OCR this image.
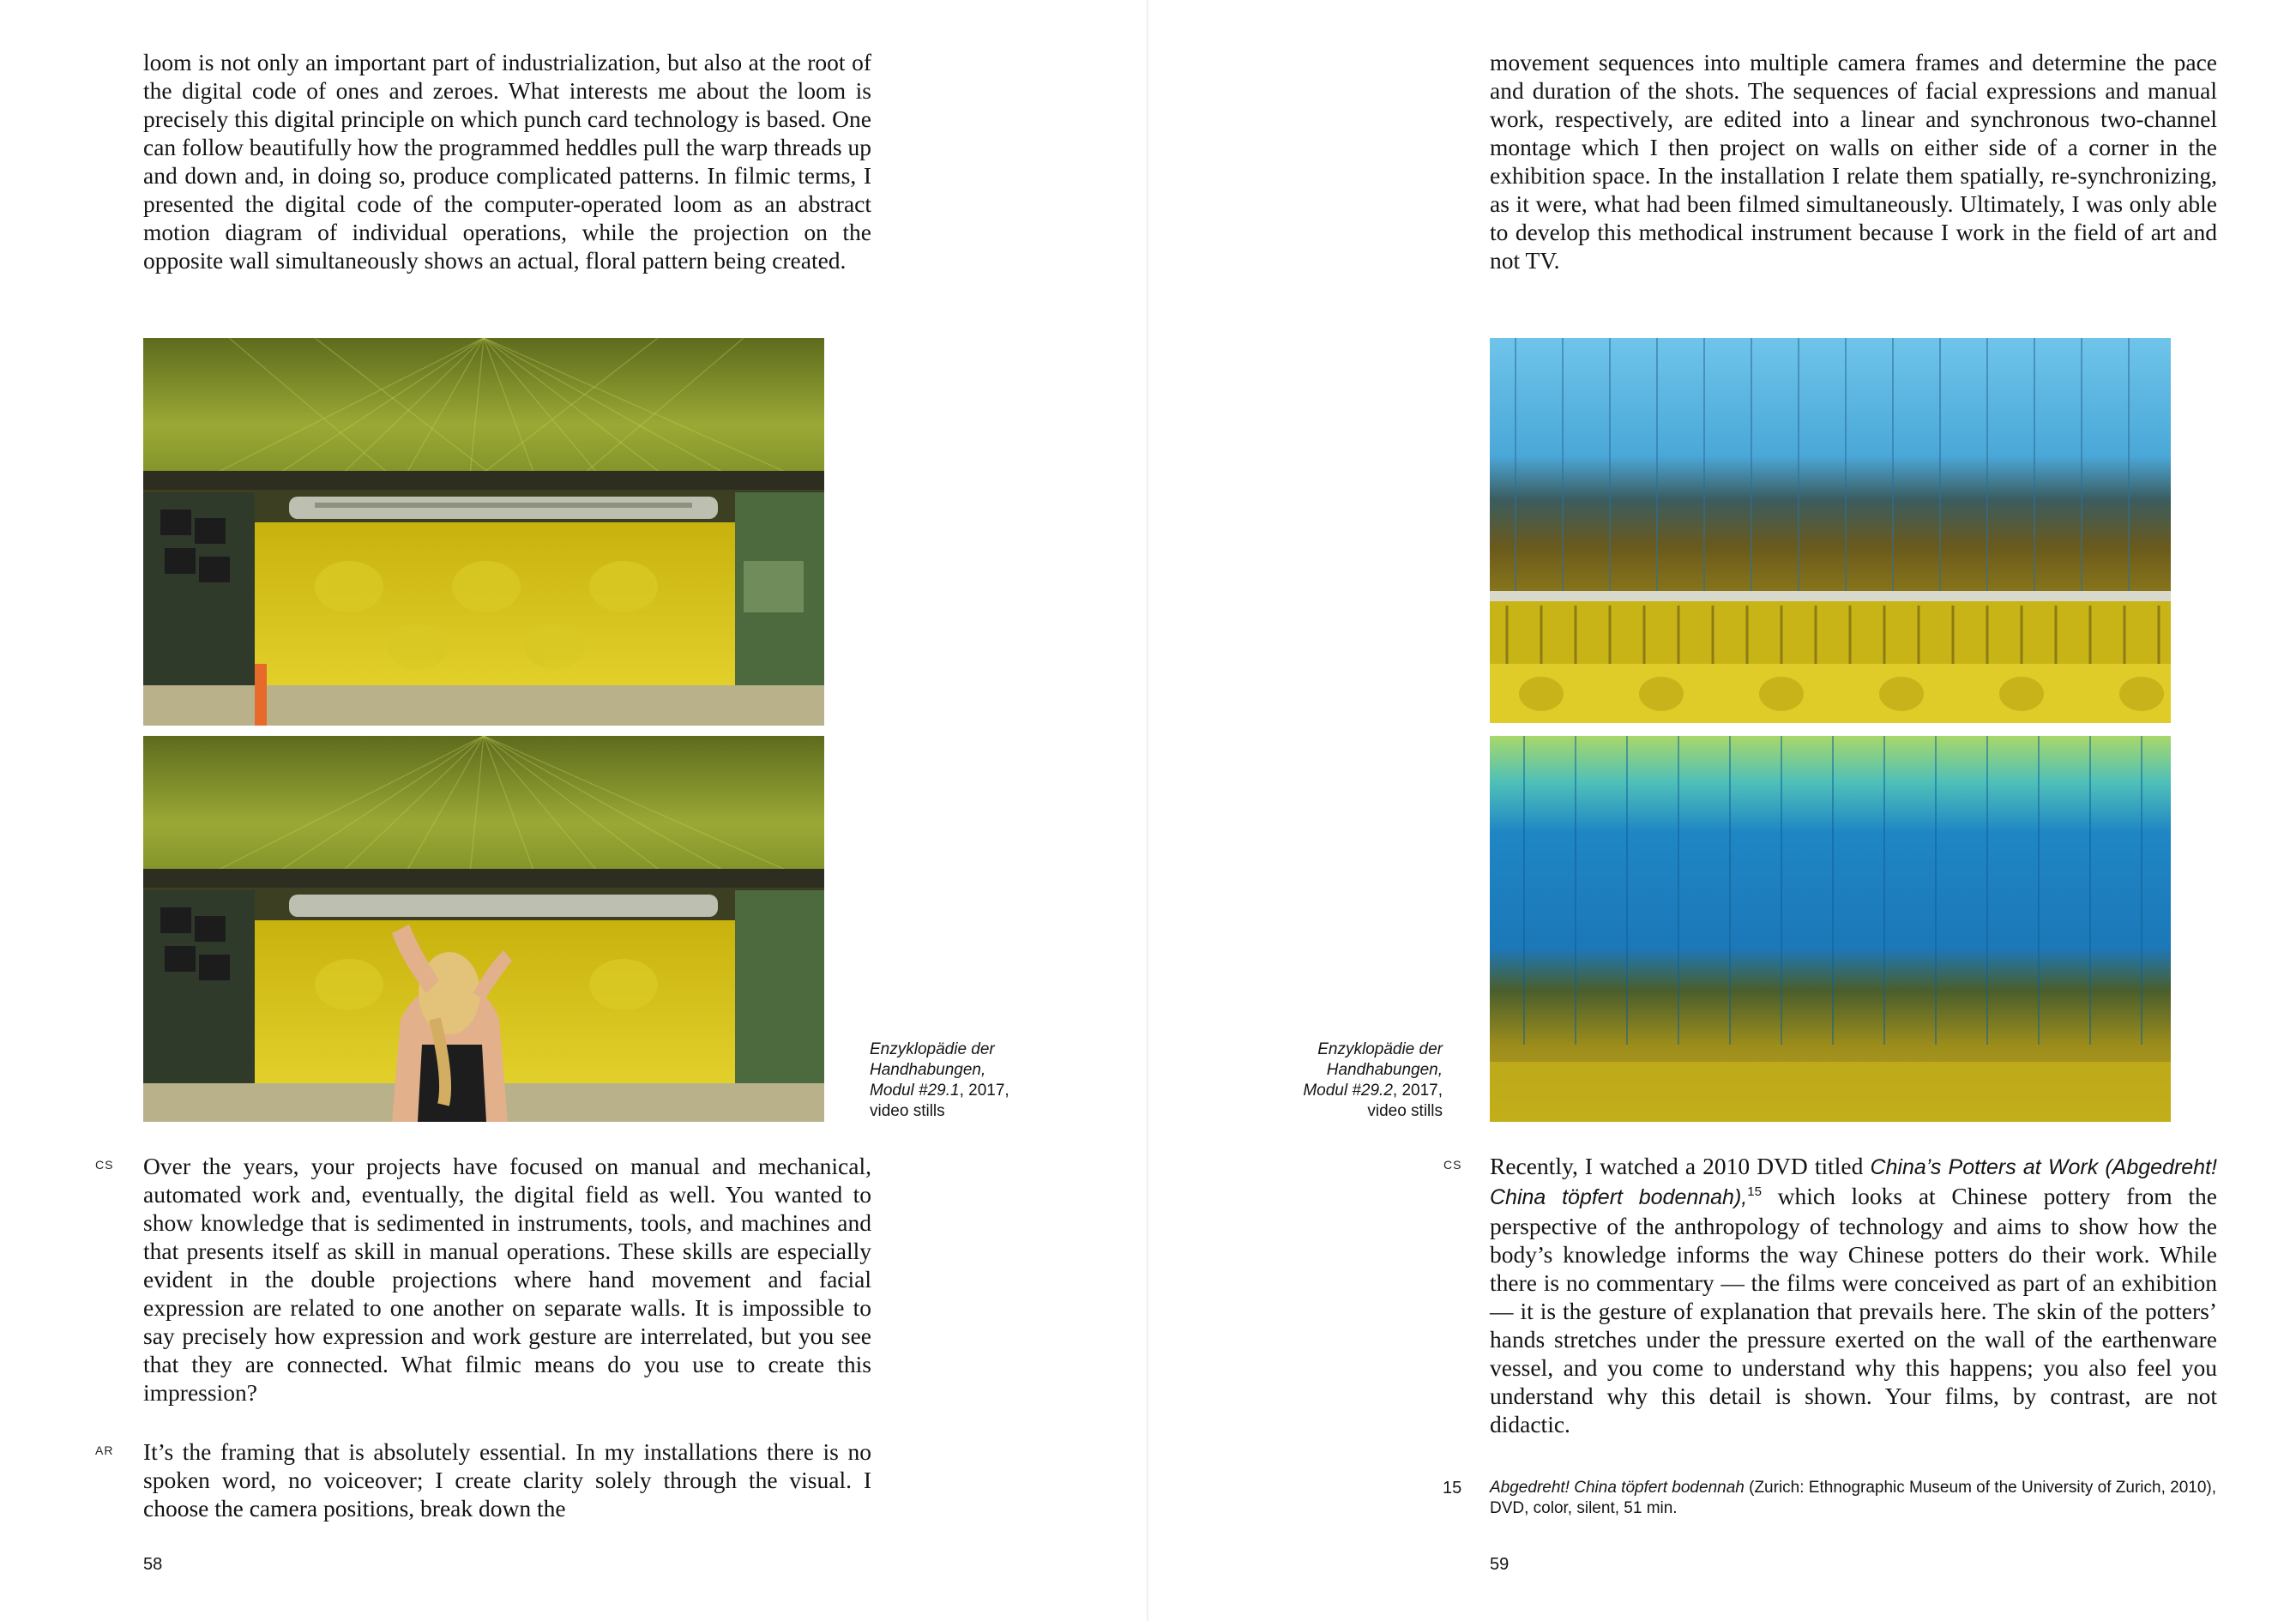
loom is not only an important part of industrialization, but also at the root of the digital code of ones and zeroes. What interests me about the loom is precisely this digital principle on which punch card technology is based. One can follow beautifully how the programmed heddles pull the warp threads up and down and, in doing so, produce complicated patterns. In filmic terms, I presented the digital code of the computer-operated loom as an abstract motion diagram of individual operations, while the projection on the opposite wall simultaneously shows an actual, floral pattern being created.

Enzyklopädie der
Handhabungen,
Modul #29.1, 2017,
video stills
CS Over the years, your projects have focused on manual and mechanical, automated work and, eventually, the digital field as well. You wanted to show knowledge that is sedimented in instruments, tools, and machines and that presents itself as skill in manual operations. These skills are especially evident in the double projections where hand movement and facial expression are related to one another on separate walls. It is impossible to say precisely how expression and work gesture are interrelated, but you see that they are connected. What filmic means do you use to create this impression?

AR It’s the framing that is absolutely essential. In my installations there is no spoken word, no voiceover; I create clarity solely through the visual. I choose the camera positions, break down the

58

movement sequences into multiple camera frames and determine the pace and duration of the shots. The sequences of facial expressions and manual work, respectively, are edited into a linear and synchronous two-channel montage which I then project on walls on either side of a corner in the exhibition space. In the installation I relate them spatially, re-synchronizing, as it were, what had been filmed simultaneously. Ultimately, I was only able to develop this methodical instrument because I work in the field of art and not TV.

Enzyklopädie der
Handhabungen,
Modul #29.2, 2017,
video stills
CS Recently, I watched a 2010 DVD titled China’s Potters at Work (Abgedreht! China töpfert bodennah),$^{15}$ which looks at Chinese pottery from the perspective of the anthropology of technology and aims to show how the body’s knowledge informs the way Chinese potters do their work. While there is no commentary — the films were conceived as part of an exhibition — it is the gesture of explanation that prevails here. The skin of the potters’ hands stretches under the pressure exerted on the wall of the earthenware vessel, and you come to understand why this happens; you also feel you understand why this detail is shown. Your films, by contrast, are not didactic.

15 Abgedreht! China töpfert bodennah (Zurich: Ethnographic Museum of the University of Zurich, 2010), DVD, color, silent, 51 min.
59
